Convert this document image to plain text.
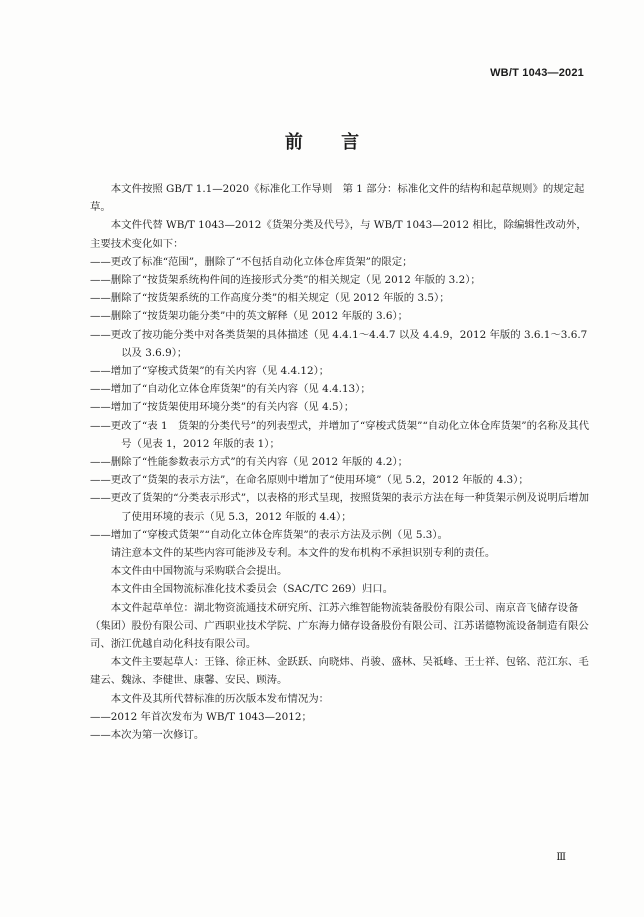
WB/T 1043—2021
前 言

本文件按照 GB/T 1.1—2020《标准化工作导则　第 1 部分：标准化文件的结构和起草规则》的规定起草。

本文件代替 WB/T 1043—2012《货架分类及代号》，与 WB/T 1043—2012 相比，除编辑性改动外，主要技术变化如下：

——更改了标准“范围”，删除了“不包括自动化立体仓库货架”的限定；

——删除了“按货架系统构件间的连接形式分类”的相关规定（见 2012 年版的 3.2）；

——删除了“按货架系统的工作高度分类”的相关规定（见 2012 年版的 3.5）；

——删除了“按货架功能分类”中的英文解释（见 2012 年版的 3.6）；

——更改了按功能分类中对各类货架的具体描述（见 4.4.1～4.4.7 以及 4.4.9，2012 年版的 3.6.1～3.6.7 以及 3.6.9）；

——增加了“穿梭式货架”的有关内容（见 4.4.12）；

——增加了“自动化立体仓库货架”的有关内容（见 4.4.13）；

——增加了“按货架使用环境分类”的有关内容（见 4.5）；

——更改了“表 1　货架的分类代号”的列表型式，并增加了“穿梭式货架”“自动化立体仓库货架”的名称及其代号（见表 1，2012 年版的表 1）；

——删除了“性能参数表示方式”的有关内容（见 2012 年版的 4.2）；

——更改了“货架的表示方法”，在命名原则中增加了“使用环境”（见 5.2，2012 年版的 4.3）；

——更改了货架的“分类表示形式”，以表格的形式呈现，按照货架的表示方法在每一种货架示例及说明后增加了使用环境的表示（见 5.3，2012 年版的 4.4）；

——增加了“穿梭式货架”“自动化立体仓库货架”的表示方法及示例（见 5.3）。

请注意本文件的某些内容可能涉及专利。本文件的发布机构不承担识别专利的责任。

本文件由中国物流与采购联合会提出。

本文件由全国物流标准化技术委员会（SAC/TC 269）归口。

本文件起草单位：湖北物资流通技术研究所、江苏六维智能物流装备股份有限公司、南京音飞储存设备（集团）股份有限公司、广西职业技术学院、广东海力储存设备股份有限公司、江苏诺德物流设备制造有限公司、浙江优越自动化科技有限公司。

本文件主要起草人：王锋、徐正林、金跃跃、向晓炜、肖骏、盛林、吴祗峰、王士祥、包铭、范江东、毛建云、魏泳、李健世、康馨、安民、顾涛。

本文件及其所代替标准的历次版本发布情况为：

——2012 年首次发布为 WB/T 1043—2012；

——本次为第一次修订。

Ⅲ
